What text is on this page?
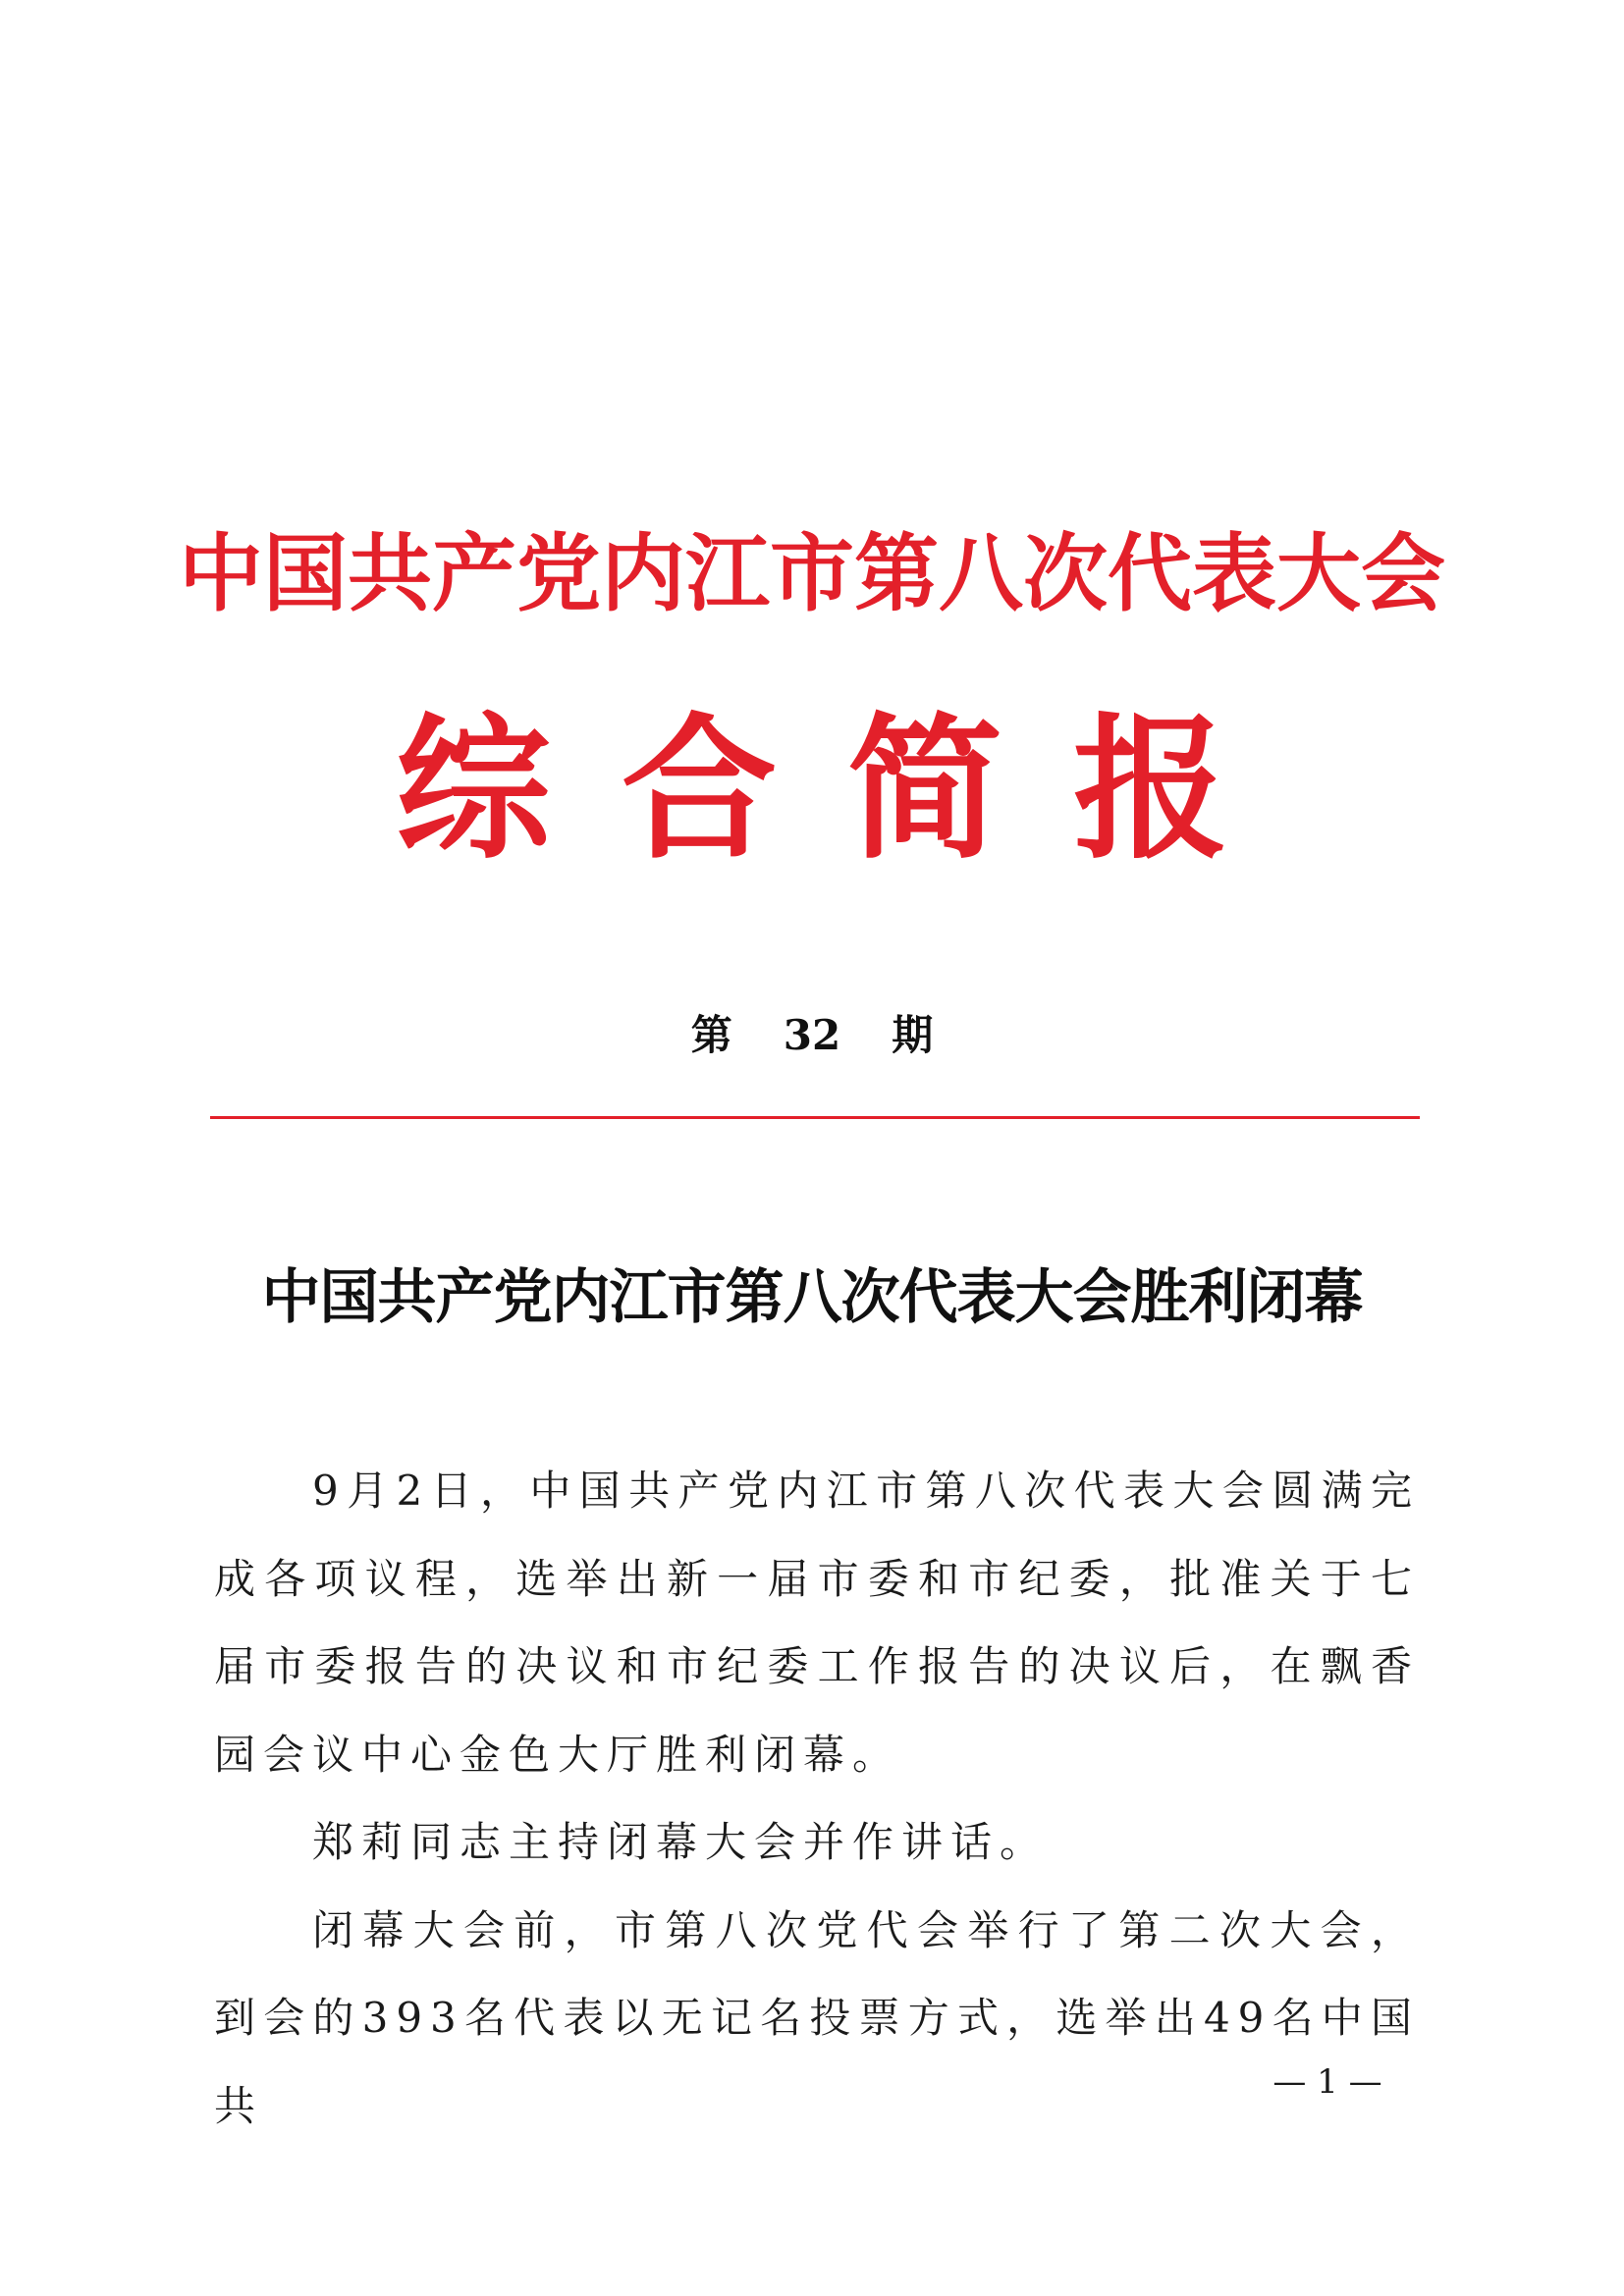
中国共产党内江市第八次代表大会
综合简报
第 32 期
中国共产党内江市第八次代表大会胜利闭幕

9月2日，中国共产党内江市第八次代表大会圆满完成各项议程，选举出新一届市委和市纪委，批准关于七届市委报告的决议和市纪委工作报告的决议后，在飘香园会议中心金色大厅胜利闭幕。

郑莉同志主持闭幕大会并作讲话。

闭幕大会前，市第八次党代会举行了第二次大会，到会的393名代表以无记名投票方式，选举出49名中国共	— 1 —
